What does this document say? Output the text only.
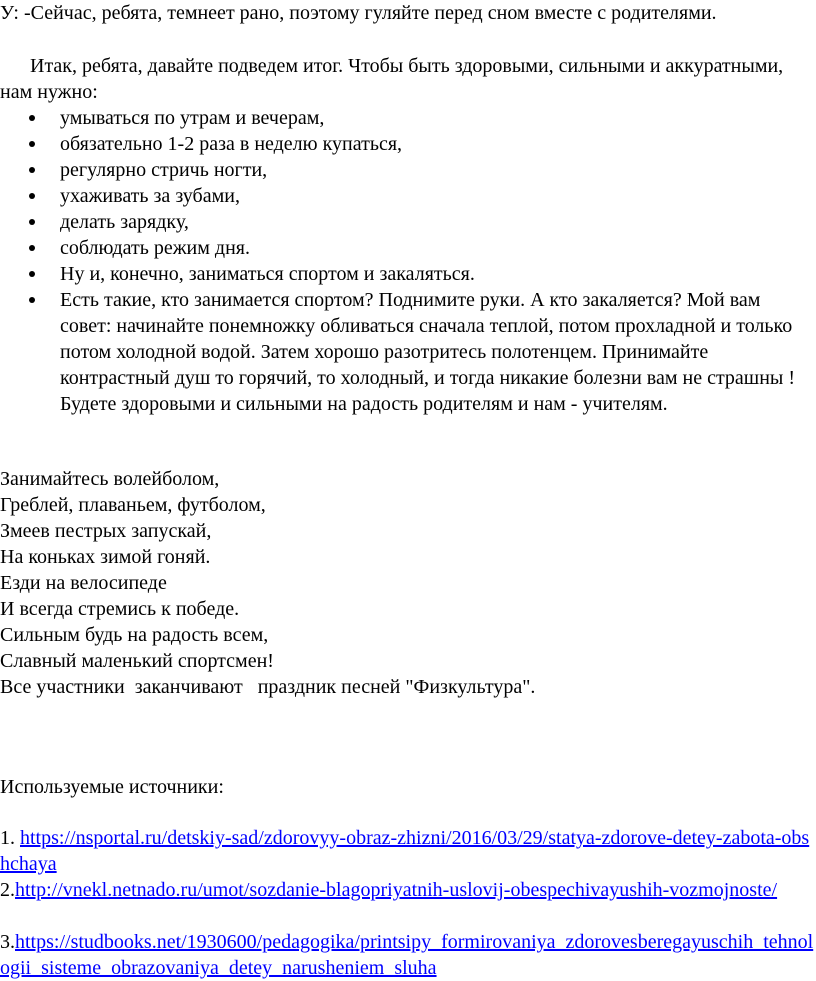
У: -Сейчас, ребята, темнеет рано, поэтому гуляйте перед сном вместе с родителями.

Итак, ребята, давайте подведем итог. Чтобы быть здоровыми, сильными и аккуратными, нам нужно:

умываться по утрам и вечерам,
обязательно 1-2 раза в неделю купаться,
регулярно стричь ногти,
ухаживать за зубами,
делать зарядку,
соблюдать режим дня.
Ну и, конечно, заниматься спортом и закаляться.
Есть такие, кто занимается спортом? Поднимите руки. А кто закаляется? Мой вам совет: начинайте понемножку обливаться сначала теплой, потом прохладной и только потом холодной водой. Затем хорошо разотритесь полотенцем. Принимайте контрастный душ то горячий, то холодный, и тогда никакие болезни вам не страшны !Будете здоровыми и сильными на радость родителям и нам - учителям.
Занимайтесь волейболом,
Греблей, плаваньем, футболом,
Змеев пестрых запускай,
На коньках зимой гоняй.
Езди на велосипеде
И всегда стремись к победе.
Сильным будь на радость всем,
Славный маленький спортсмен!
Все участники  заканчивают   праздник песней "Физкультура".
Используемые источники:
1. https://nsportal.ru/detskiy-sad/zdorovyy-obraz-zhizni/2016/03/29/statya-zdorove-detey-zabota-obshchaya
2.http://vnekl.netnado.ru/umot/sozdanie-blagopriyatnih-uslovij-obespechivayushih-vozmojnoste/
3.https://studbooks.net/1930600/pedagogika/printsipy_formirovaniya_zdorovesberegayuschih_tehnologii_sisteme_obrazovaniya_detey_narusheniem_sluha
